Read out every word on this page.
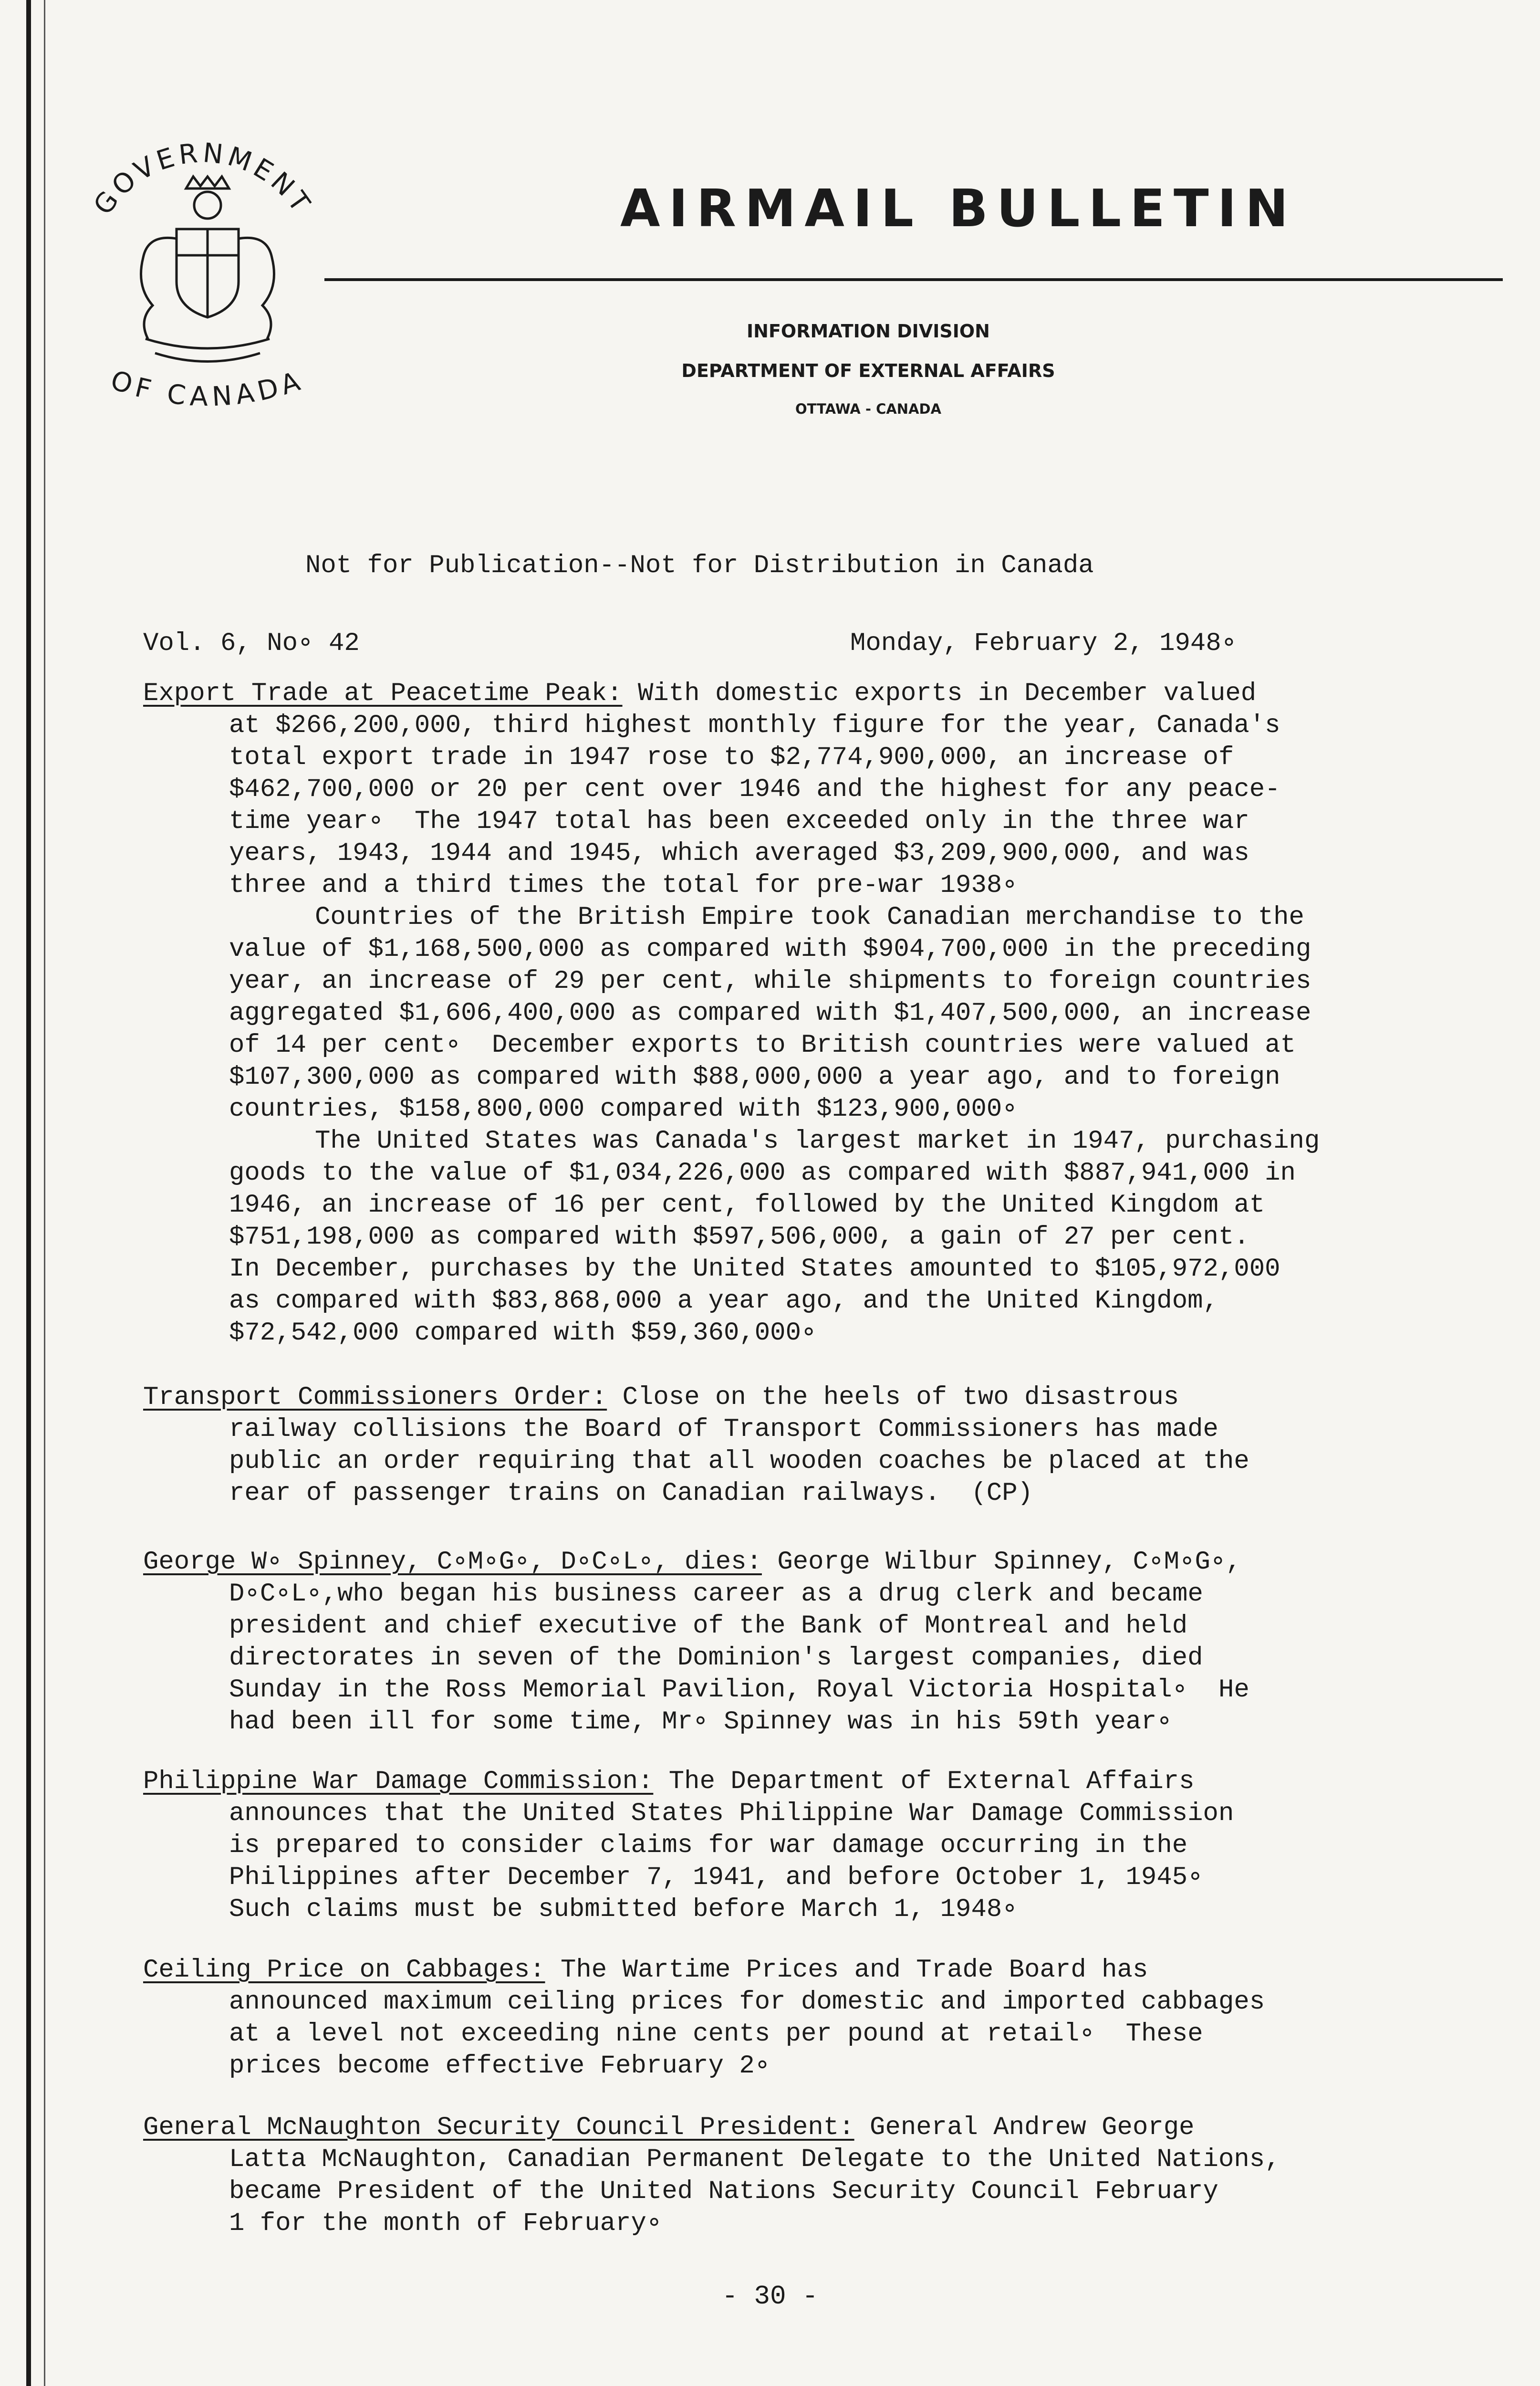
GOVERNMENT
OF CANADA
AIRMAIL BULLETIN
INFORMATION DIVISION
DEPARTMENT OF EXTERNAL AFFAIRS
OTTAWA - CANADA
Not for Publication--Not for Distribution in Canada
Vol. 6, No∘ 42	Monday, February 2, 1948∘
Export Trade at Peacetime Peak: With domestic exports in December valued
at $266,200,000, third highest monthly figure for the year, Canada's
total export trade in 1947 rose to $2,774,900,000, an increase of
$462,700,000 or 20 per cent over 1946 and the highest for any peace-
time year∘  The 1947 total has been exceeded only in the three war
years, 1943, 1944 and 1945, which averaged $3,209,900,000, and was
three and a third times the total for pre-war 1938∘
Countries of the British Empire took Canadian merchandise to the
value of $1,168,500,000 as compared with $904,700,000 in the preceding
year, an increase of 29 per cent, while shipments to foreign countries
aggregated $1,606,400,000 as compared with $1,407,500,000, an increase
of 14 per cent∘  December exports to British countries were valued at
$107,300,000 as compared with $88,000,000 a year ago, and to foreign
countries, $158,800,000 compared with $123,900,000∘
The United States was Canada's largest market in 1947, purchasing
goods to the value of $1,034,226,000 as compared with $887,941,000 in
1946, an increase of 16 per cent, followed by the United Kingdom at
$751,198,000 as compared with $597,506,000, a gain of 27 per cent.
In December, purchases by the United States amounted to $105,972,000
as compared with $83,868,000 a year ago, and the United Kingdom,
$72,542,000 compared with $59,360,000∘
Transport Commissioners Order: Close on the heels of two disastrous
railway collisions the Board of Transport Commissioners has made
public an order requiring that all wooden coaches be placed at the
rear of passenger trains on Canadian railways.  (CP)
George W∘ Spinney, C∘M∘G∘, D∘C∘L∘, dies: George Wilbur Spinney, C∘M∘G∘,
D∘C∘L∘,who began his business career as a drug clerk and became
president and chief executive of the Bank of Montreal and held
directorates in seven of the Dominion's largest companies, died
Sunday in the Ross Memorial Pavilion, Royal Victoria Hospital∘  He
had been ill for some time, Mr∘ Spinney was in his 59th year∘
Philippine War Damage Commission: The Department of External Affairs
announces that the United States Philippine War Damage Commission
is prepared to consider claims for war damage occurring in the
Philippines after December 7, 1941, and before October 1, 1945∘
Such claims must be submitted before March 1, 1948∘
Ceiling Price on Cabbages: The Wartime Prices and Trade Board has
announced maximum ceiling prices for domestic and imported cabbages
at a level not exceeding nine cents per pound at retail∘  These
prices become effective February 2∘
General McNaughton Security Council President: General Andrew George
Latta McNaughton, Canadian Permanent Delegate to the United Nations,
became President of the United Nations Security Council February
1 for the month of February∘
- 30 -
